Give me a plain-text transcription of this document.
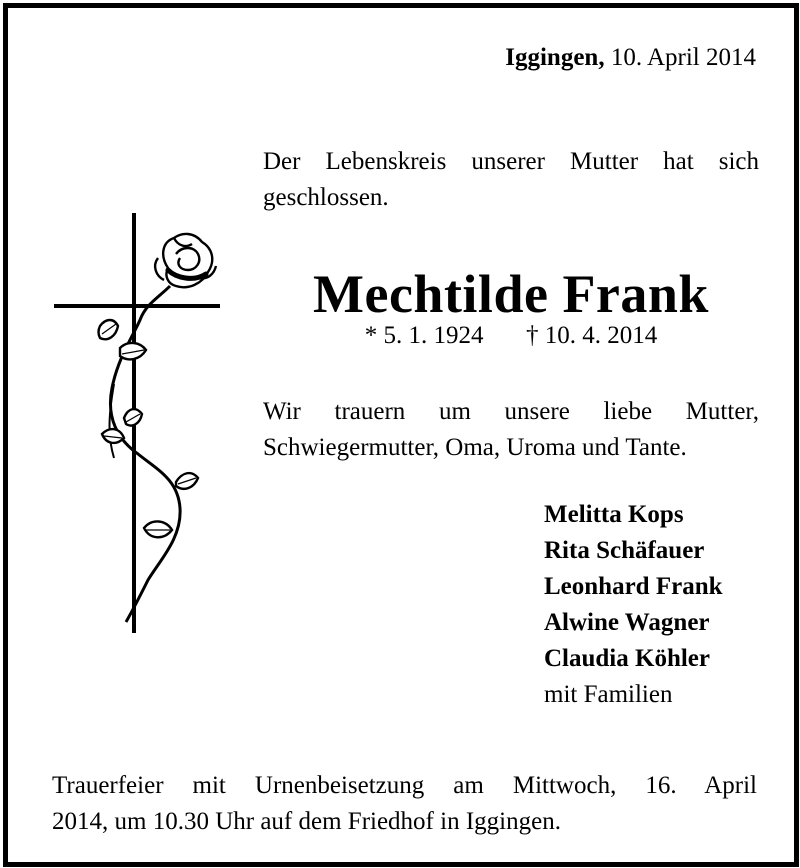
Iggingen, 10. April 2014
Der Lebenskreis unserer Mutter hat sich geschlossen.
Mechtilde Frank
* 5. 1. 1924 † 10. 4. 2014
Wir trauern um unsere liebe Mutter,
Schwiegermutter, Oma, Uroma und Tante.
Melitta Kops
Rita Schäfauer
Leonhard Frank
Alwine Wagner
Claudia Köhler
mit Familien
Trauerfeier mit Urnenbeisetzung am Mittwoch, 16. April
2014, um 10.30 Uhr auf dem Friedhof in Iggingen.
